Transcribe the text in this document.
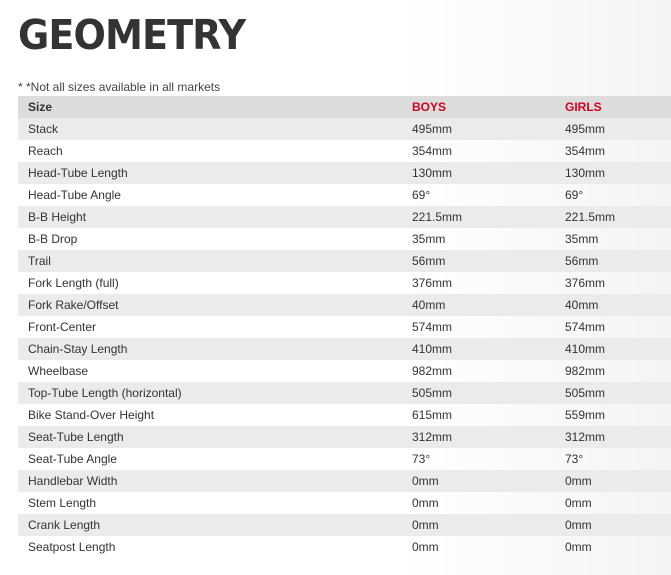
GEOMETRY

* *Not all sizes available in all markets

Size	BOYS	GIRLS
Stack	495mm	495mm
Reach	354mm	354mm
Head-Tube Length	130mm	130mm
Head-Tube Angle	69°	69°
B-B Height	221.5mm	221.5mm
B-B Drop	35mm	35mm
Trail	56mm	56mm
Fork Length (full)	376mm	376mm
Fork Rake/Offset	40mm	40mm
Front-Center	574mm	574mm
Chain-Stay Length	410mm	410mm
Wheelbase	982mm	982mm
Top-Tube Length (horizontal)	505mm	505mm
Bike Stand-Over Height	615mm	559mm
Seat-Tube Length	312mm	312mm
Seat-Tube Angle	73°	73°
Handlebar Width	0mm	0mm
Stem Length	0mm	0mm
Crank Length	0mm	0mm
Seatpost Length	0mm	0mm
